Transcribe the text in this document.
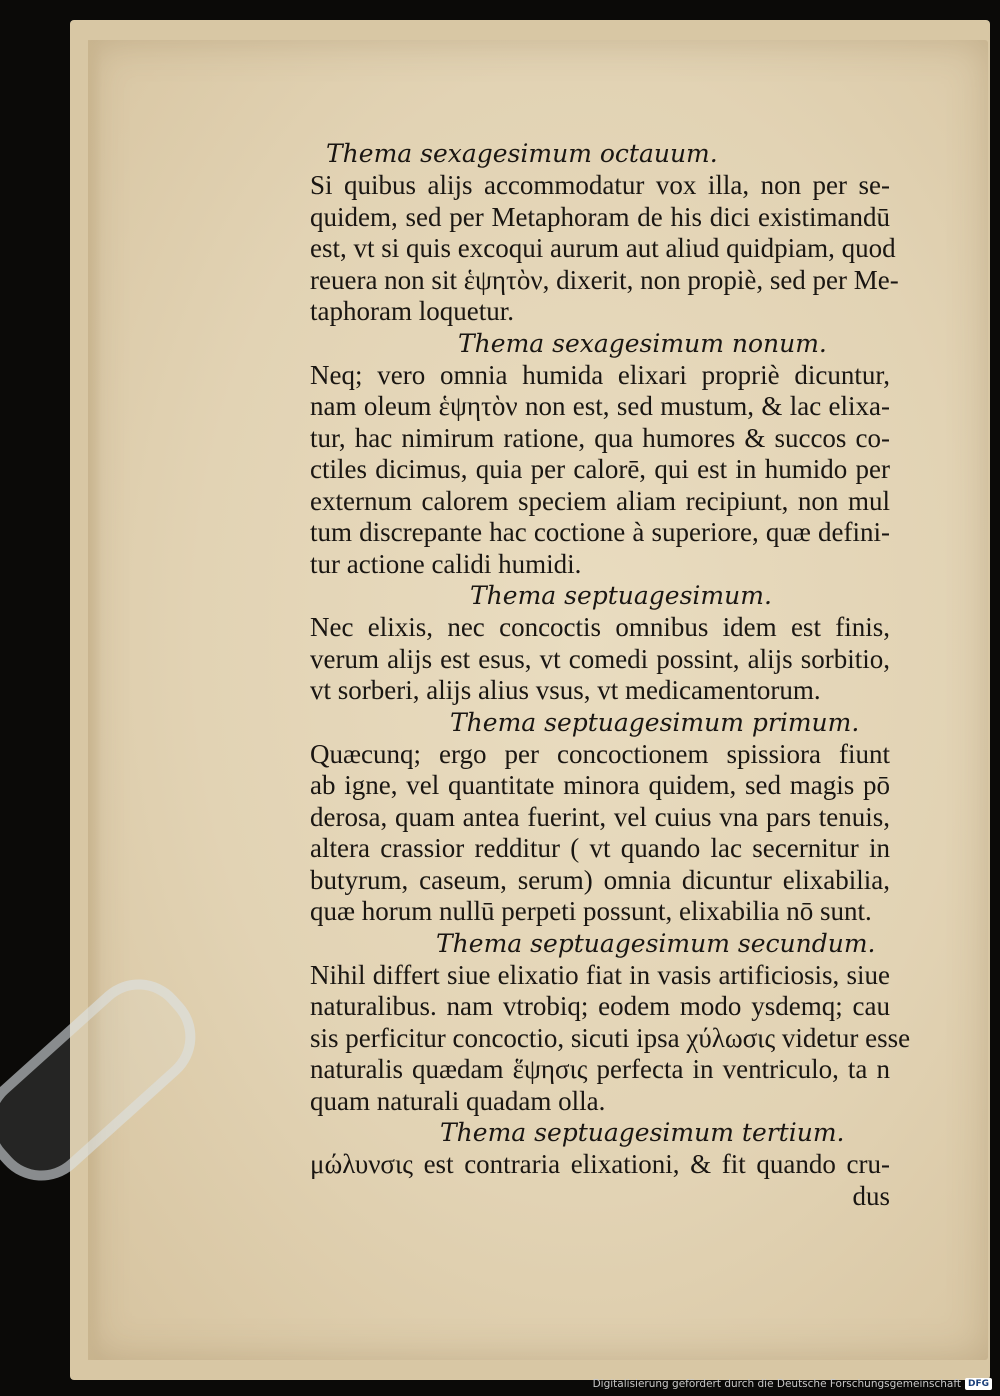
Thema sexagesimum octauum.
Si quibus alijs accommodatur vox illa, non per se-
quidem, sed per Metaphoram de his dici existimandū
est, vt si quis excoqui aurum aut aliud quidpiam, quod
reuera non sit ἑψητὸν, dixerit, non propiè, sed per Me-
taphoram loquetur.
Thema sexagesimum nonum.
Neq; vero omnia humida elixari propriè dicuntur,
nam oleum ἑψητὸν non est, sed mustum, & lac elixa-
tur, hac nimirum ratione, qua humores & succos co-
ctiles dicimus, quia per calorē, qui est in humido per
externum calorem speciem aliam recipiunt, non mul
tum discrepante hac coctione à superiore, quæ defini-
tur actione calidi humidi.
Thema septuagesimum.
Nec elixis, nec concoctis omnibus idem est finis,
verum alijs est esus, vt comedi possint, alijs sorbitio,
vt sorberi, alijs alius vsus, vt medicamentorum.
Thema septuagesimum primum.
Quæcunq; ergo per concoctionem spissiora fiunt
ab igne, vel quantitate minora quidem, sed magis pō
derosa, quam antea fuerint, vel cuius vna pars tenuis,
altera crassior redditur ( vt quando lac secernitur in
butyrum, caseum, serum) omnia dicuntur elixabilia,
quæ horum nullū perpeti possunt, elixabilia nō sunt.
Thema septuagesimum secundum.
Nihil differt siue elixatio fiat in vasis artificiosis, siue
naturalibus. nam vtrobiq; eodem modo ysdemq; cau
sis perficitur concoctio, sicuti ipsa χύλωσις videtur esse
naturalis quædam ἕψησις perfecta in ventriculo, ta n
quam naturali quadam olla.
Thema septuagesimum tertium.
μώλυνσις est contraria elixationi, & fit quando cru-
dus
Digitalisierung gefördert durch die Deutsche Forschungsgemeinschaft DFG
